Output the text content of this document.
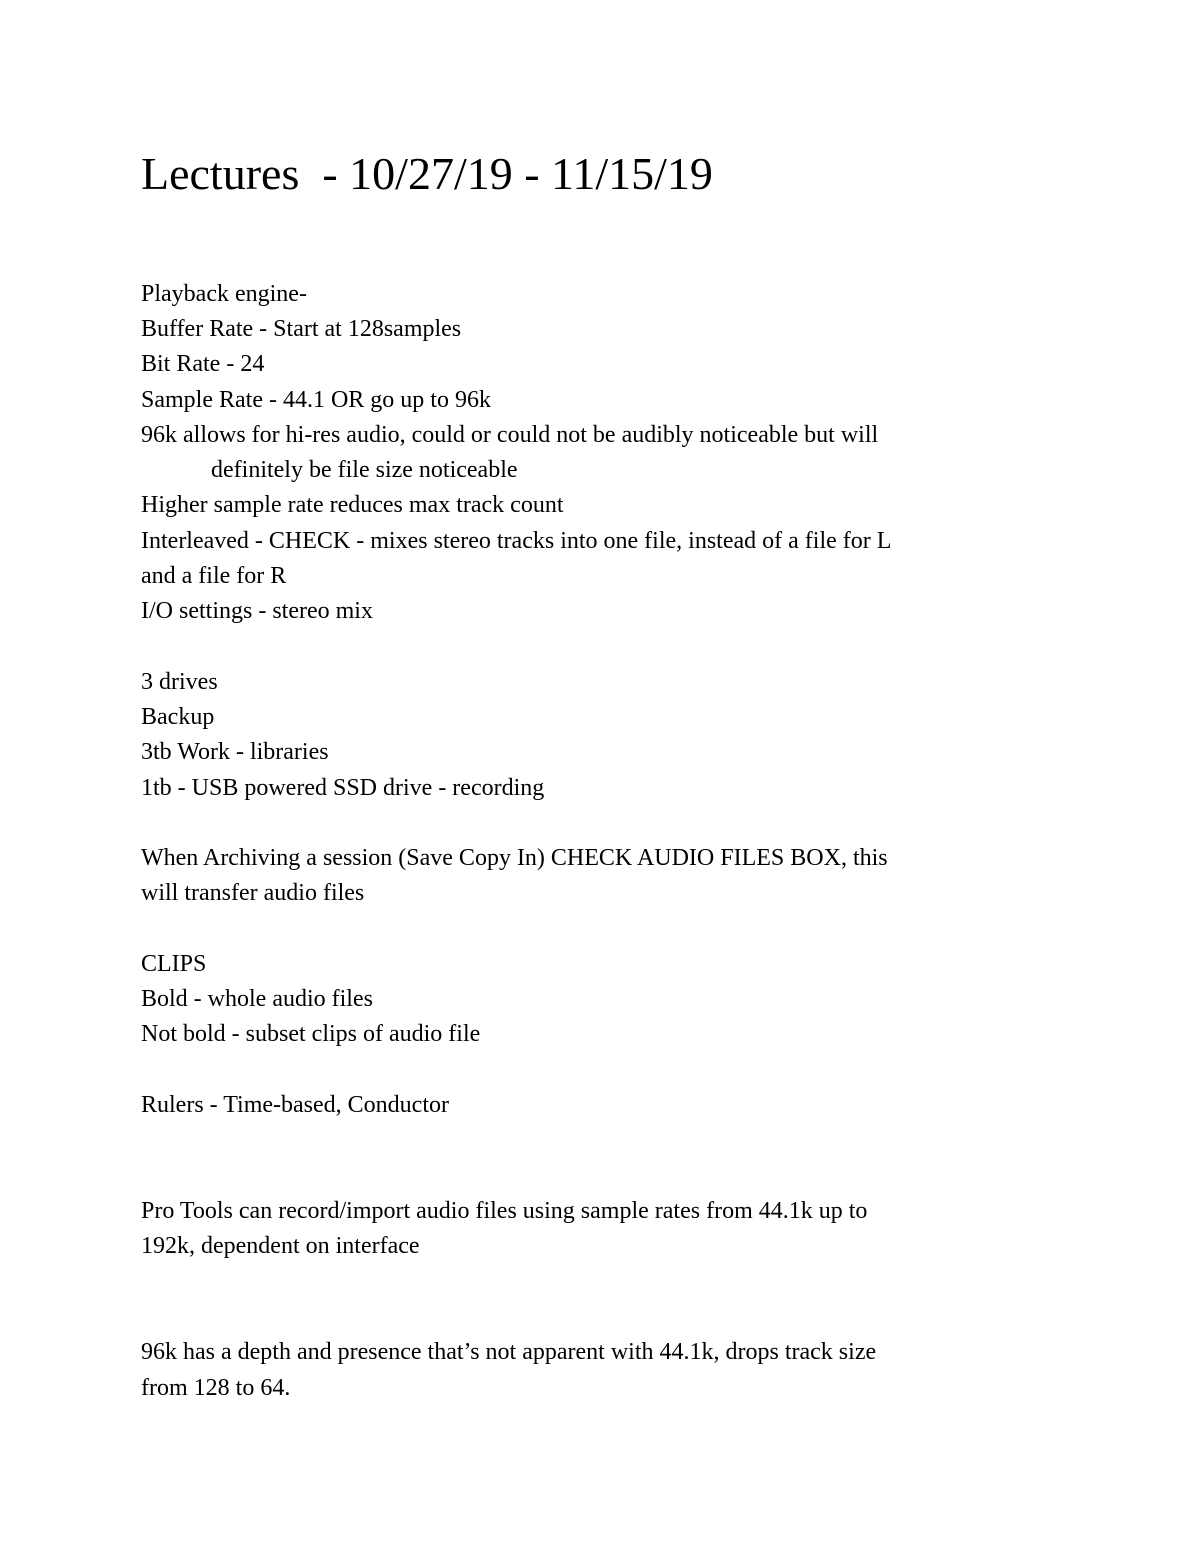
Lectures  - 10/27/19 - 11/15/19
Playback engine-
Buffer Rate - Start at 128samples
Bit Rate - 24
Sample Rate - 44.1 OR go up to 96k
96k allows for hi-res audio, could or could not be audibly noticeable but will
definitely be file size noticeable
Higher sample rate reduces max track count
Interleaved - CHECK - mixes stereo tracks into one file, instead of a file for L
and a file for R
I/O settings - stereo mix
3 drives
Backup
3tb Work - libraries
1tb - USB powered SSD drive - recording
When Archiving a session (Save Copy In) CHECK AUDIO FILES BOX, this
will transfer audio files
CLIPS
Bold - whole audio files
Not bold - subset clips of audio file
Rulers - Time-based, Conductor
Pro Tools can record/import audio files using sample rates from 44.1k up to
192k, dependent on interface
96k has a depth and presence that’s not apparent with 44.1k, drops track size
from 128 to 64.
